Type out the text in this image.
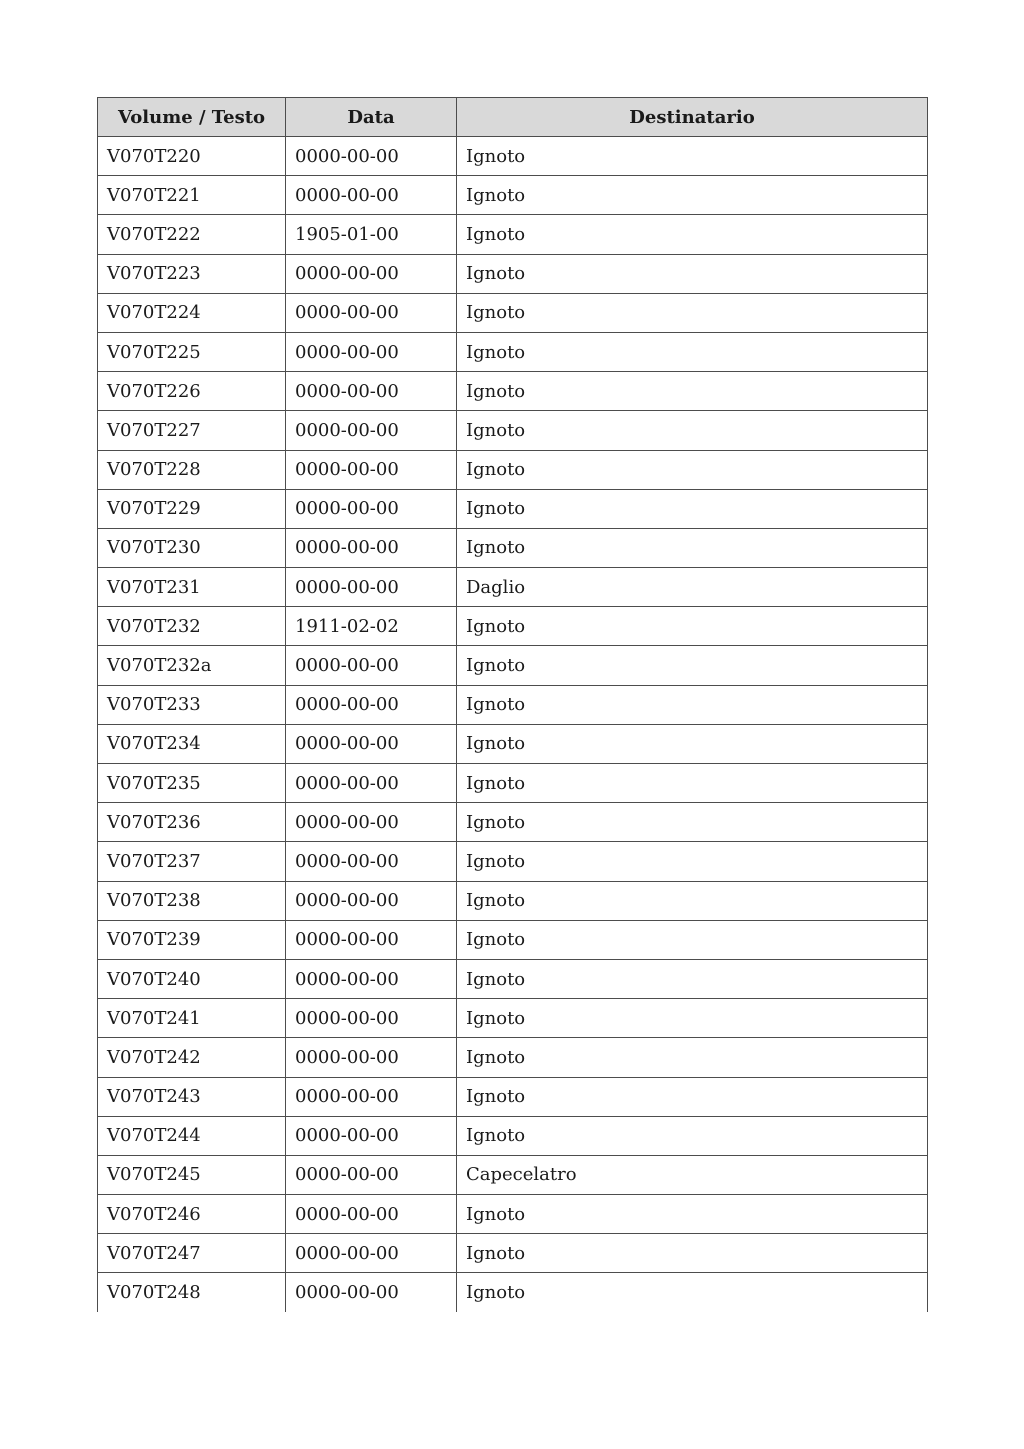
Volume / Testo	Data	Destinatario
V070T220	0000-00-00	Ignoto
V070T221	0000-00-00	Ignoto
V070T222	1905-01-00	Ignoto
V070T223	0000-00-00	Ignoto
V070T224	0000-00-00	Ignoto
V070T225	0000-00-00	Ignoto
V070T226	0000-00-00	Ignoto
V070T227	0000-00-00	Ignoto
V070T228	0000-00-00	Ignoto
V070T229	0000-00-00	Ignoto
V070T230	0000-00-00	Ignoto
V070T231	0000-00-00	Daglio
V070T232	1911-02-02	Ignoto
V070T232a	0000-00-00	Ignoto
V070T233	0000-00-00	Ignoto
V070T234	0000-00-00	Ignoto
V070T235	0000-00-00	Ignoto
V070T236	0000-00-00	Ignoto
V070T237	0000-00-00	Ignoto
V070T238	0000-00-00	Ignoto
V070T239	0000-00-00	Ignoto
V070T240	0000-00-00	Ignoto
V070T241	0000-00-00	Ignoto
V070T242	0000-00-00	Ignoto
V070T243	0000-00-00	Ignoto
V070T244	0000-00-00	Ignoto
V070T245	0000-00-00	Capecelatro
V070T246	0000-00-00	Ignoto
V070T247	0000-00-00	Ignoto
V070T248	0000-00-00	Ignoto
